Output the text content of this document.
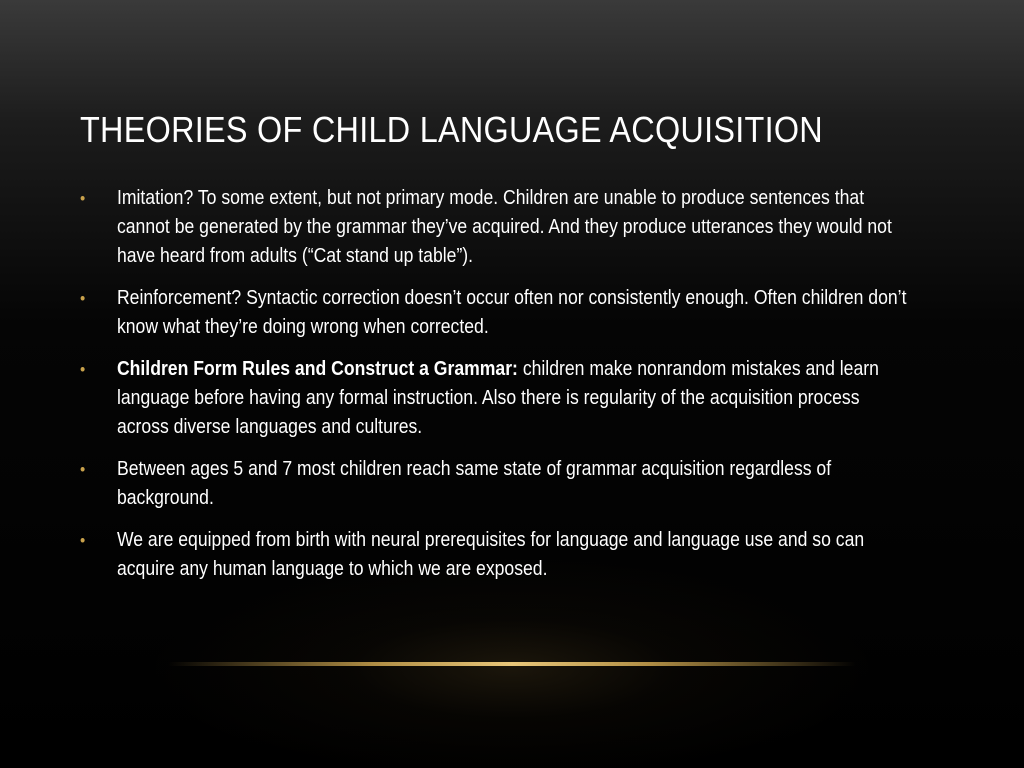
THEORIES OF CHILD LANGUAGE ACQUISITION
• Imitation? To some extent, but not primary mode. Children are unable to produce sentences that cannot be generated by the grammar they’ve acquired. And they produce utterances they would not have heard from adults (“Cat stand up table”).
• Reinforcement? Syntactic correction doesn’t occur often nor consistently enough. Often children don’t know what they’re doing wrong when corrected.
• Children Form Rules and Construct a Grammar: children make nonrandom mistakes and learn language before having any formal instruction. Also there is regularity of the acquisition process across diverse languages and cultures.
• Between ages 5 and 7 most children reach same state of grammar acquisition regardless of background.
• We are equipped from birth with neural prerequisites for language and language use and so can acquire any human language to which we are exposed.
